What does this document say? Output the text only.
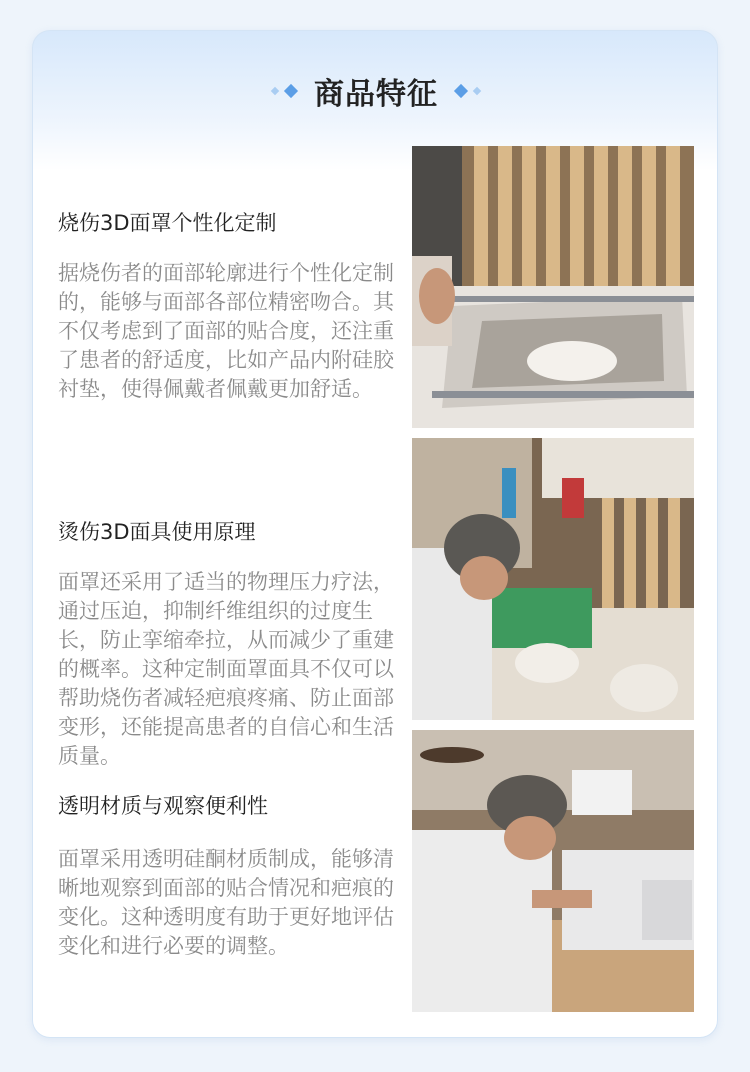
商品特征
烧伤3D面罩个性化定制
据烧伤者的面部轮廓进行个性化定制的，能够与面部各部位精密吻合。其不仅考虑到了面部的贴合度，还注重了患者的舒适度，比如产品内附硅胶衬垫，使得佩戴者佩戴更加舒适。
烫伤3D面具使用原理
面罩还采用了适当的物理压力疗法，通过压迫，抑制纤维组织的过度生长，防止挛缩牵拉，从而减少了重建的概率。这种定制面罩面具不仅可以帮助烧伤者减轻疤痕疼痛、防止面部变形，还能提高患者的自信心和生活质量。
透明材质与观察便利性
面罩采用透明硅酮材质制成，能够清晰地观察到面部的贴合情况和疤痕的变化。这种透明度有助于更好地评估变化和进行必要的调整。
